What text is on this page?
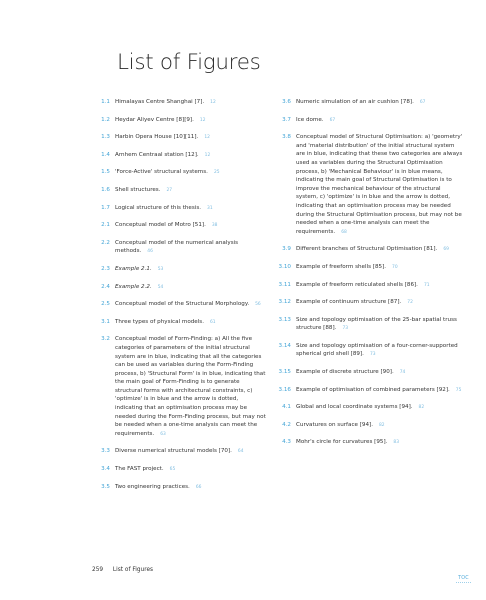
List of Figures
1.1 Himalayas Centre Shanghai [7]. 12
1.2 Heydar Aliyev Centre [8][9]. 12
1.3 Harbin Opera House [10][11]. 12
1.4 Arnhem Centraal station [12]. 12
1.5 'Force-Active' structural systems. 25
1.6 Shell structures. 27
1.7 Logical structure of this thesis. 31
2.1 Conceptual model of Motro [51]. 38
2.2 Conceptual model of the numerical analysis methods. 46
2.3 Example 2.1. 53
2.4 Example 2.2. 54
2.5 Conceptual model of the Structural Morphology. 56
3.1 Three types of physical models. 61
3.2 Conceptual model of Form-Finding: a) All the five categories of parameters of the initial structural system are in blue, indicating that all the categories can be used as variables during the Form-Finding process, b) 'Structural Form' is in blue, indicating that the main goal of Form-Finding is to generate structural forms with architectural constraints, c) 'optimize' is in blue and the arrow is dotted, indicating that an optimisation process may be needed during the Form-Finding process, but may not be needed when a one-time analysis can meet the requirements. 63
3.3 Diverse numerical structural models [70]. 64
3.4 The FAST project. 65
3.5 Two engineering practices. 66
3.6 Numeric simulation of an air cushion [78]. 67
3.7 Ice dome. 67
3.8 Conceptual model of Structural Optimisation: a) 'geometry' and 'material distribution' of the initial structural system are in blue, indicating that these two categories are always used as variables during the Structural Optimisation process, b) 'Mechanical Behaviour' is in blue means, indicating the main goal of Structural Optimisation is to improve the mechanical behaviour of the structural system, c) 'optimize' is in blue and the arrow is dotted, indicating that an optimisation process may be needed during the Structural Optimisation process, but may not be needed when a one-time analysis can meet the requirements. 68
3.9 Different branches of Structural Optimisation [81]. 69
3.10 Example of freeform shells [85]. 70
3.11 Example of freeform reticulated shells [86]. 71
3.12 Example of continuum structure [87]. 72
3.13 Size and topology optimisation of the 25-bar spatial truss structure [88]. 73
3.14 Size and topology optimisation of a four-corner-supported spherical grid shell [89]. 73
3.15 Example of discrete structure [90]. 74
3.16 Example of optimisation of combined parameters [92]. 75
4.1 Global and local coordinate systems [94]. 82
4.2 Curvatures on surface [94]. 82
4.3 Mohr's circle for curvatures [95]. 83
259 List of Figures
TOC
